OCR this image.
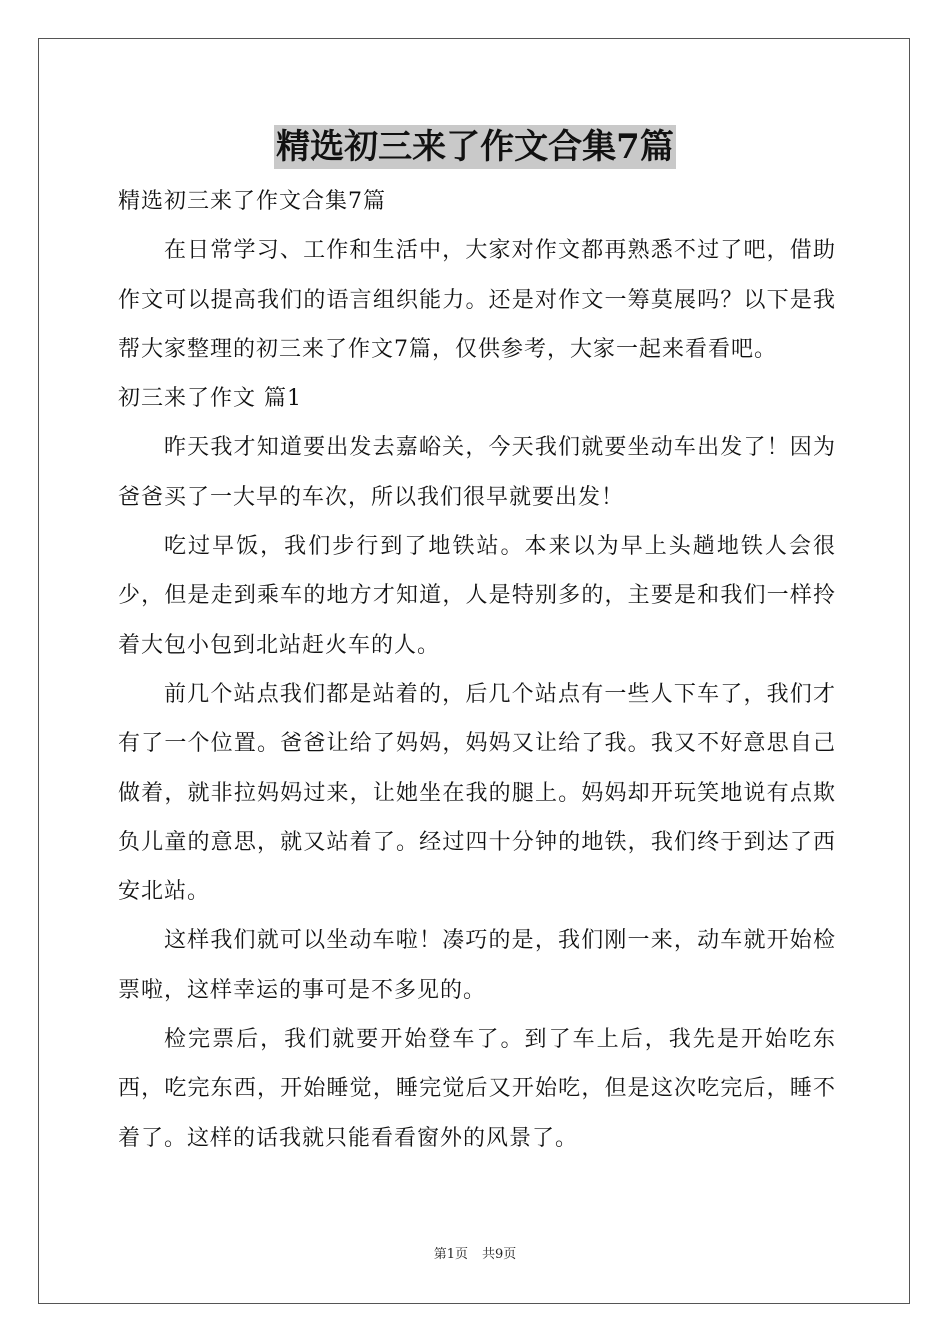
精选初三来了作文合集7篇

精选初三来了作文合集7篇

在日常学习、工作和生活中，大家对作文都再熟悉不过了吧，借助作文可以提高我们的语言组织能力。还是对作文一筹莫展吗？以下是我帮大家整理的初三来了作文7篇，仅供参考，大家一起来看看吧。

初三来了作文 篇1

昨天我才知道要出发去嘉峪关，今天我们就要坐动车出发了！因为爸爸买了一大早的车次，所以我们很早就要出发！

吃过早饭，我们步行到了地铁站。本来以为早上头趟地铁人会很少，但是走到乘车的地方才知道，人是特别多的，主要是和我们一样拎着大包小包到北站赶火车的人。

前几个站点我们都是站着的，后几个站点有一些人下车了，我们才有了一个位置。爸爸让给了妈妈，妈妈又让给了我。我又不好意思自己做着，就非拉妈妈过来，让她坐在我的腿上。妈妈却开玩笑地说有点欺负儿童的意思，就又站着了。经过四十分钟的地铁，我们终于到达了西安北站。

这样我们就可以坐动车啦！凑巧的是，我们刚一来，动车就开始检票啦，这样幸运的事可是不多见的。

检完票后，我们就要开始登车了。到了车上后，我先是开始吃东西，吃完东西，开始睡觉，睡完觉后又开始吃，但是这次吃完后，睡不着了。这样的话我就只能看看窗外的风景了。

第1页 共9页
